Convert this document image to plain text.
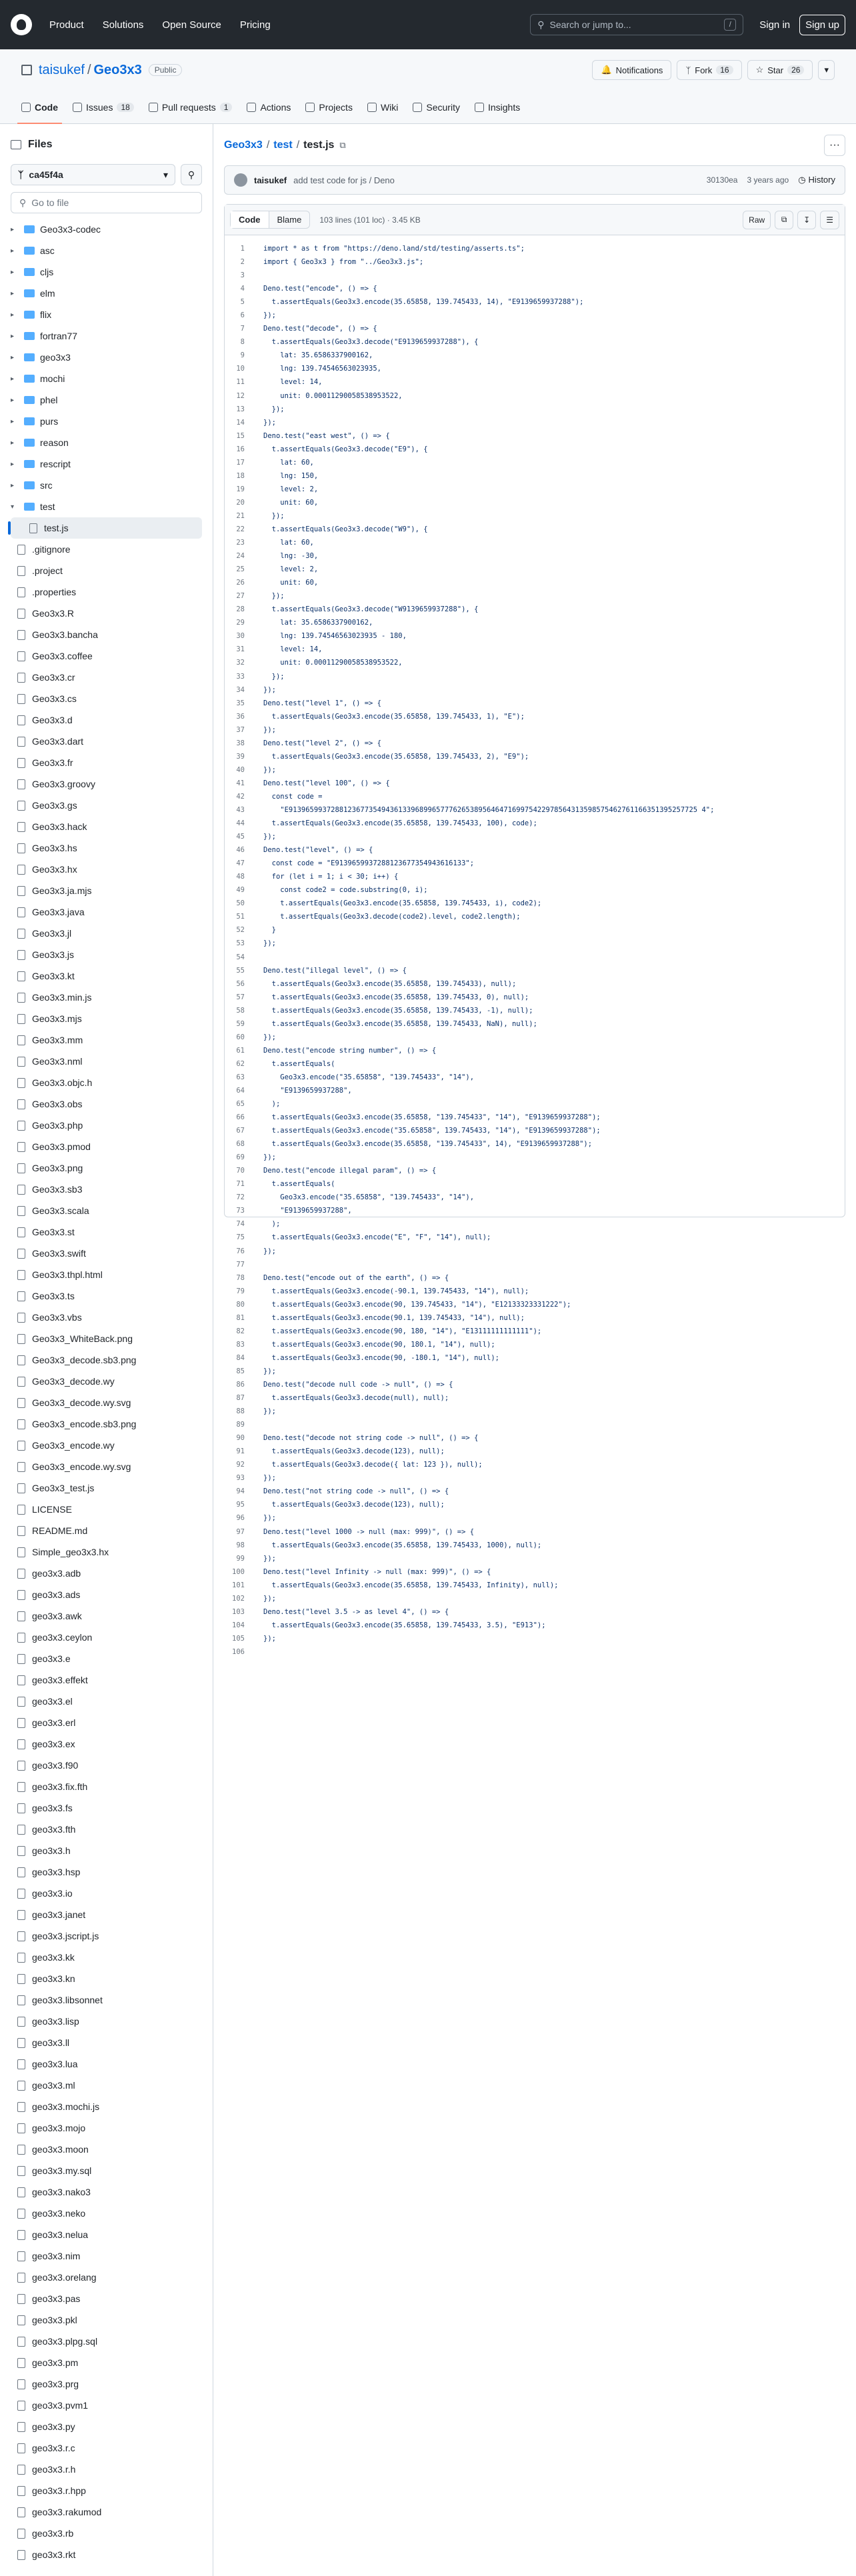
Product Solutions Open Source Pricing	⚲ Search or jump to...	/	Sign in	Sign up
taisukef / Geo3x3	Public	🔔 Notifications	ᛉ Fork	16	☆ Star	26	▾
Code	Issues	18	Pull requests	1	Actions	Projects	Wiki	Security	Insights
Files
ᛉ ca45f4a	▾ ⚲
⚲ Go to file
▸	Geo3x3-codec
▸	asc
▸	cljs
▸	elm
▸	flix
▸	fortran77
▸	geo3x3
▸	mochi
▸	phel
▸	purs
▸	reason
▸	rescript
▸	src
▾	test
test.js
.gitignore
.project
.properties
Geo3x3.R
Geo3x3.bancha
Geo3x3.coffee
Geo3x3.cr
Geo3x3.cs
Geo3x3.d
Geo3x3.dart
Geo3x3.fr
Geo3x3.groovy
Geo3x3.gs
Geo3x3.hack
Geo3x3.hs
Geo3x3.hx
Geo3x3.ja.mjs
Geo3x3.java
Geo3x3.jl
Geo3x3.js
Geo3x3.kt
Geo3x3.min.js
Geo3x3.mjs
Geo3x3.mm
Geo3x3.nml
Geo3x3.objc.h
Geo3x3.obs
Geo3x3.php
Geo3x3.pmod
Geo3x3.png
Geo3x3.sb3
Geo3x3.scala
Geo3x3.st
Geo3x3.swift
Geo3x3.thpl.html
Geo3x3.ts
Geo3x3.vbs
Geo3x3_WhiteBack.png
Geo3x3_decode.sb3.png
Geo3x3_decode.wy
Geo3x3_decode.wy.svg
Geo3x3_encode.sb3.png
Geo3x3_encode.wy
Geo3x3_encode.wy.svg
Geo3x3_test.js
LICENSE
README.md
Simple_geo3x3.hx
geo3x3.adb
geo3x3.ads
geo3x3.awk
geo3x3.ceylon
geo3x3.e
geo3x3.effekt
geo3x3.el
geo3x3.erl
geo3x3.ex
geo3x3.f90
geo3x3.fix.fth
geo3x3.fs
geo3x3.fth
geo3x3.h
geo3x3.hsp
geo3x3.io
geo3x3.janet
geo3x3.jscript.js
geo3x3.kk
geo3x3.kn
geo3x3.libsonnet
geo3x3.lisp
geo3x3.ll
geo3x3.lua
geo3x3.ml
geo3x3.mochi.js
geo3x3.mojo
geo3x3.moon
geo3x3.my.sql
geo3x3.nako3
geo3x3.neko
geo3x3.nelua
geo3x3.nim
geo3x3.orelang
geo3x3.pas
geo3x3.pkl
geo3x3.plpg.sql
geo3x3.pm
geo3x3.prg
geo3x3.pvm1
geo3x3.py
geo3x3.r.c
geo3x3.r.h
geo3x3.r.hpp
geo3x3.rakumod
geo3x3.rb
geo3x3.rkt
Geo3x3 / test / test.js ⧉	···
taisukef add test code for js / Deno	30130ea 3 years ago ◷ History
Code	Blame	103 lines (101 loc) · 3.45 KB	Raw	⧉ ↧ ☰
1	import * as t from "https://deno.land/std/testing/asserts.ts";
2	import { Geo3x3 } from "../Geo3x3.js";
3
4	Deno.test("encode", () => {
5	t.assertEquals(Geo3x3.encode(35.65858, 139.745433, 14), "E9139659937288");
6	});
7	Deno.test("decode", () => {
8	t.assertEquals(Geo3x3.decode("E9139659937288"), {
9	lat: 35.6586337900162,
10	lng: 139.74546563023935,
11	level: 14,
12	unit: 0.00011290058538953522,
13	});
14	});
15	Deno.test("east west", () => {
16	t.assertEquals(Geo3x3.decode("E9"), {
17	lat: 60,
18	lng: 150,
19	level: 2,
20	unit: 60,
21	});
22	t.assertEquals(Geo3x3.decode("W9"), {
23	lat: 60,
24	lng: -30,
25	level: 2,
26	unit: 60,
27	});
28	t.assertEquals(Geo3x3.decode("W9139659937288"), {
29	lat: 35.6586337900162,
30	lng: 139.74546563023935 - 180,
31	level: 14,
32	unit: 0.00011290058538953522,
33	});
34	});
35	Deno.test("level 1", () => {
36	t.assertEquals(Geo3x3.encode(35.65858, 139.745433, 1), "E");
37	});
38	Deno.test("level 2", () => {
39	t.assertEquals(Geo3x3.encode(35.65858, 139.745433, 2), "E9");
40	});
41	Deno.test("level 100", () => {
42	const code =
43	"E9139659937288123677354943613396899657776265389564647169975422978564313598575462761166351395257725 4";
44	t.assertEquals(Geo3x3.encode(35.65858, 139.745433, 100), code);
45	});
46	Deno.test("level", () => {
47	const code = "E9139659937288123677354943616133";
48	for (let i = 1; i < 30; i++) {
49	const code2 = code.substring(0, i);
50	t.assertEquals(Geo3x3.encode(35.65858, 139.745433, i), code2);
51	t.assertEquals(Geo3x3.decode(code2).level, code2.length);
52	}
53	});
54
55	Deno.test("illegal level", () => {
56	t.assertEquals(Geo3x3.encode(35.65858, 139.745433), null);
57	t.assertEquals(Geo3x3.encode(35.65858, 139.745433, 0), null);
58	t.assertEquals(Geo3x3.encode(35.65858, 139.745433, -1), null);
59	t.assertEquals(Geo3x3.encode(35.65858, 139.745433, NaN), null);
60	});
61	Deno.test("encode string number", () => {
62	t.assertEquals(
63	Geo3x3.encode("35.65858", "139.745433", "14"),
64	"E9139659937288",
65	);
66	t.assertEquals(Geo3x3.encode(35.65858, "139.745433", "14"), "E9139659937288");
67	t.assertEquals(Geo3x3.encode("35.65858", 139.745433, "14"), "E9139659937288");
68	t.assertEquals(Geo3x3.encode(35.65858, "139.745433", 14), "E9139659937288");
69	});
70	Deno.test("encode illegal param", () => {
71	t.assertEquals(
72	Geo3x3.encode("35.65858", "139.745433", "14"),
73	"E9139659937288",
74	);
75	t.assertEquals(Geo3x3.encode("E", "F", "14"), null);
76	});
77
78	Deno.test("encode out of the earth", () => {
79	t.assertEquals(Geo3x3.encode(-90.1, 139.745433, "14"), null);
80	t.assertEquals(Geo3x3.encode(90, 139.745433, "14"), "E12133323331222");
81	t.assertEquals(Geo3x3.encode(90.1, 139.745433, "14"), null);
82	t.assertEquals(Geo3x3.encode(90, 180, "14"), "E13111111111111");
83	t.assertEquals(Geo3x3.encode(90, 180.1, "14"), null);
84	t.assertEquals(Geo3x3.encode(90, -180.1, "14"), null);
85	});
86	Deno.test("decode null code -> null", () => {
87	t.assertEquals(Geo3x3.decode(null), null);
88	});
89
90	Deno.test("decode not string code -> null", () => {
91	t.assertEquals(Geo3x3.decode(123), null);
92	t.assertEquals(Geo3x3.decode({ lat: 123 }), null);
93	});
94	Deno.test("not string code -> null", () => {
95	t.assertEquals(Geo3x3.decode(123), null);
96	});
97	Deno.test("level 1000 -> null (max: 999)", () => {
98	t.assertEquals(Geo3x3.encode(35.65858, 139.745433, 1000), null);
99	});
100	Deno.test("level Infinity -> null (max: 999)", () => {
101	t.assertEquals(Geo3x3.encode(35.65858, 139.745433, Infinity), null);
102	});
103	Deno.test("level 3.5 -> as level 4", () => {
104	t.assertEquals(Geo3x3.encode(35.65858, 139.745433, 3.5), "E913");
105	});
106
